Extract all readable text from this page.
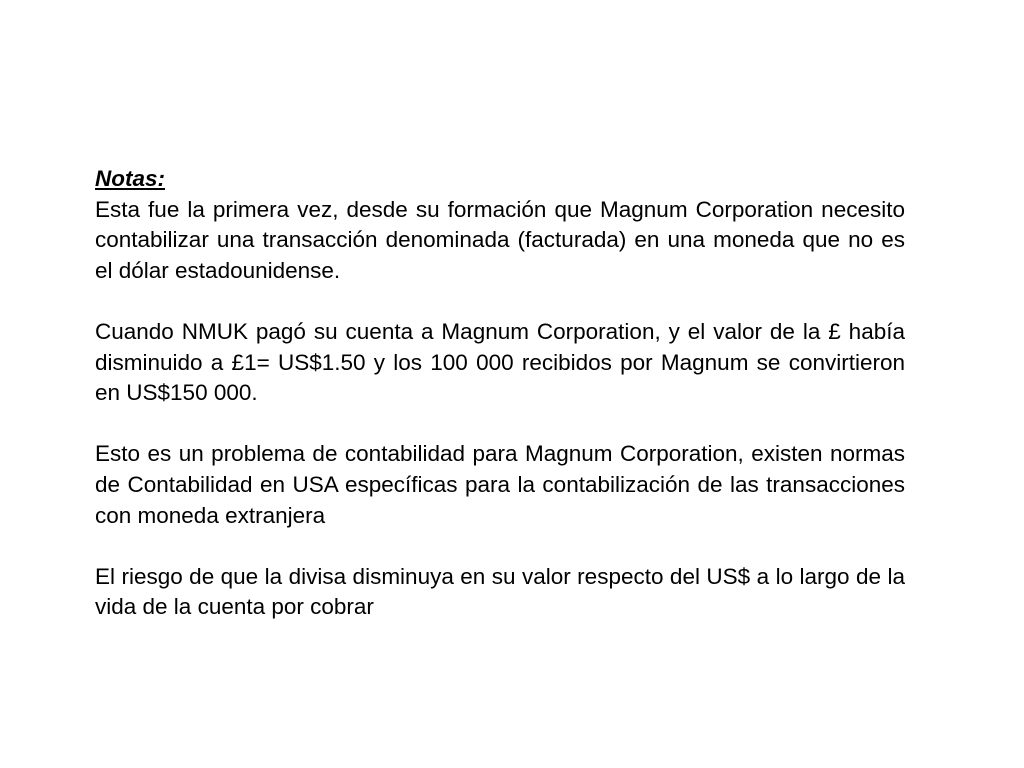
Notas:

Esta fue la primera vez, desde su formación que Magnum Corporation necesito contabilizar una transacción denominada (facturada) en una moneda que no es el dólar estadounidense.

Cuando NMUK pagó su cuenta a Magnum Corporation, y el valor de la £ había disminuido a £1= US$1.50 y los 100 000 recibidos por Magnum se convirtieron en US$150 000.

Esto es un problema de contabilidad para Magnum Corporation, existen normas de Contabilidad en USA específicas para la contabilización de las transacciones con moneda extranjera

El riesgo de que la divisa disminuya en su valor respecto del US$ a lo largo de la vida de la cuenta por cobrar
